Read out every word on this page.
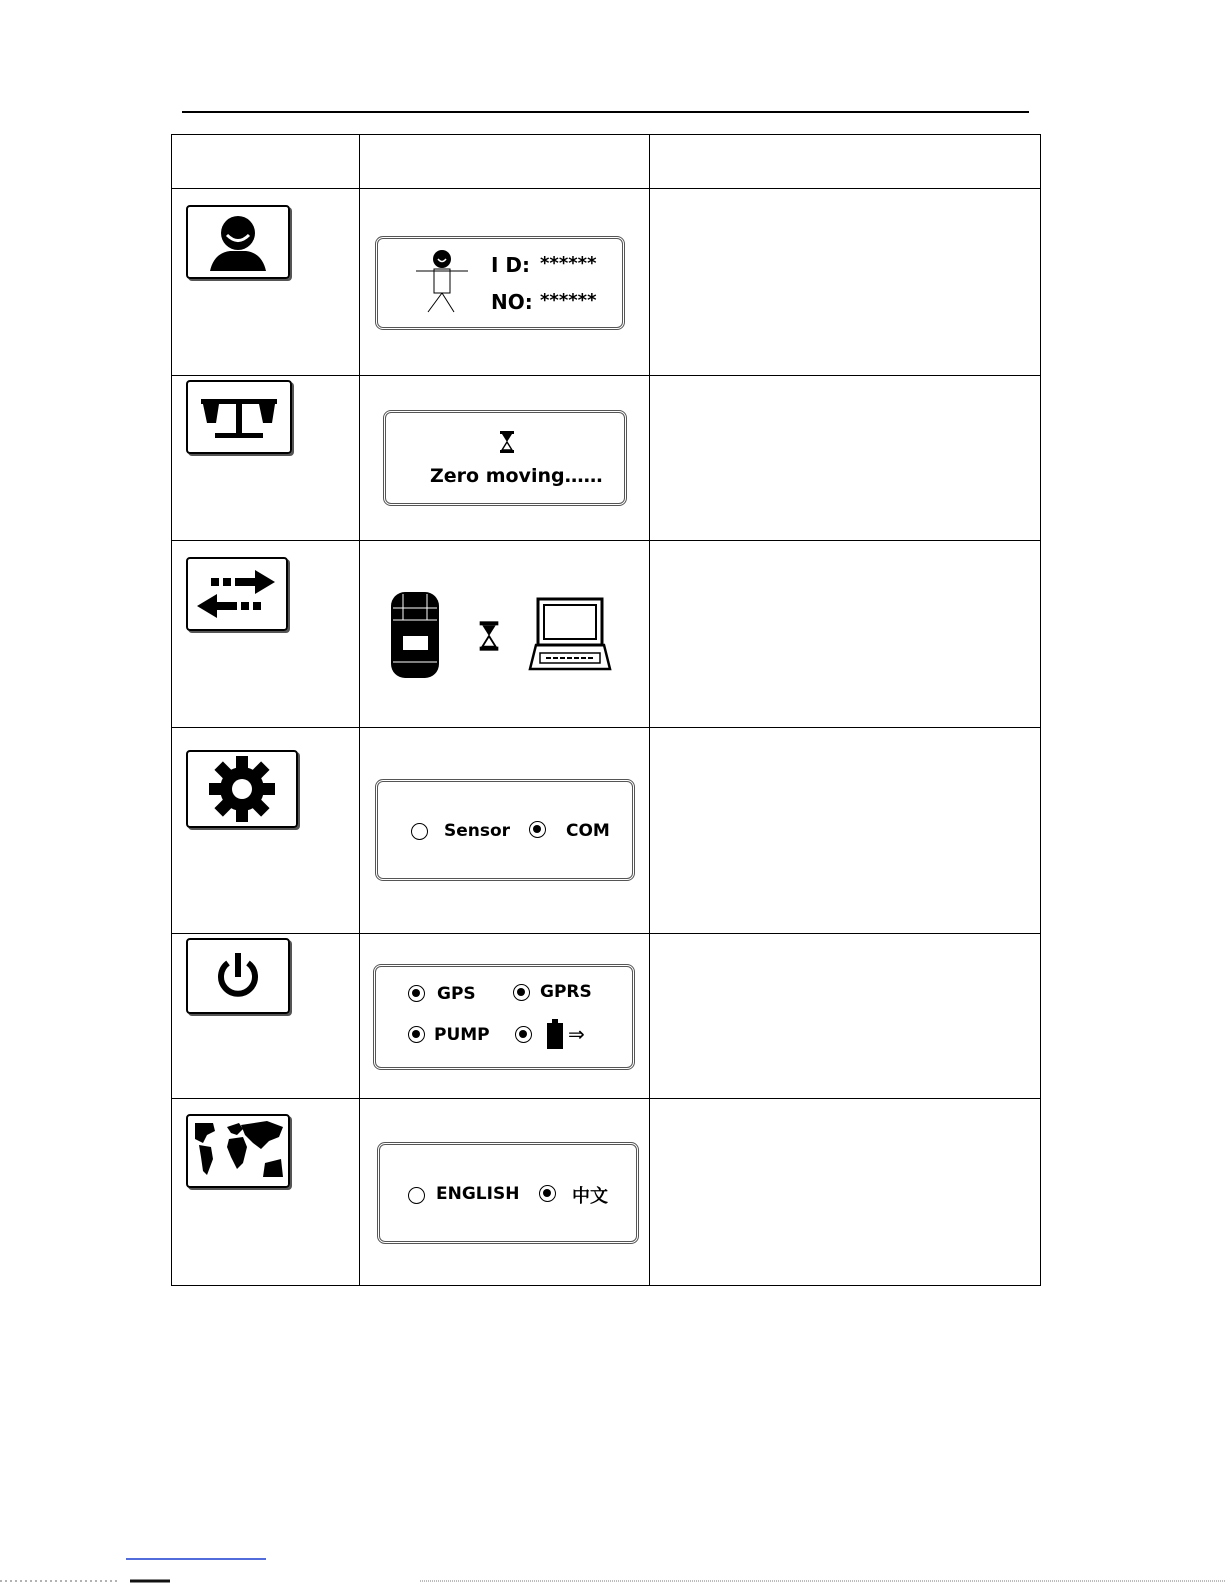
I D: ******
NO: ******	

Zero moving……	

Sensor COM	

GPS GPRS
PUMP ⇒	

ENGLISH 中文	
